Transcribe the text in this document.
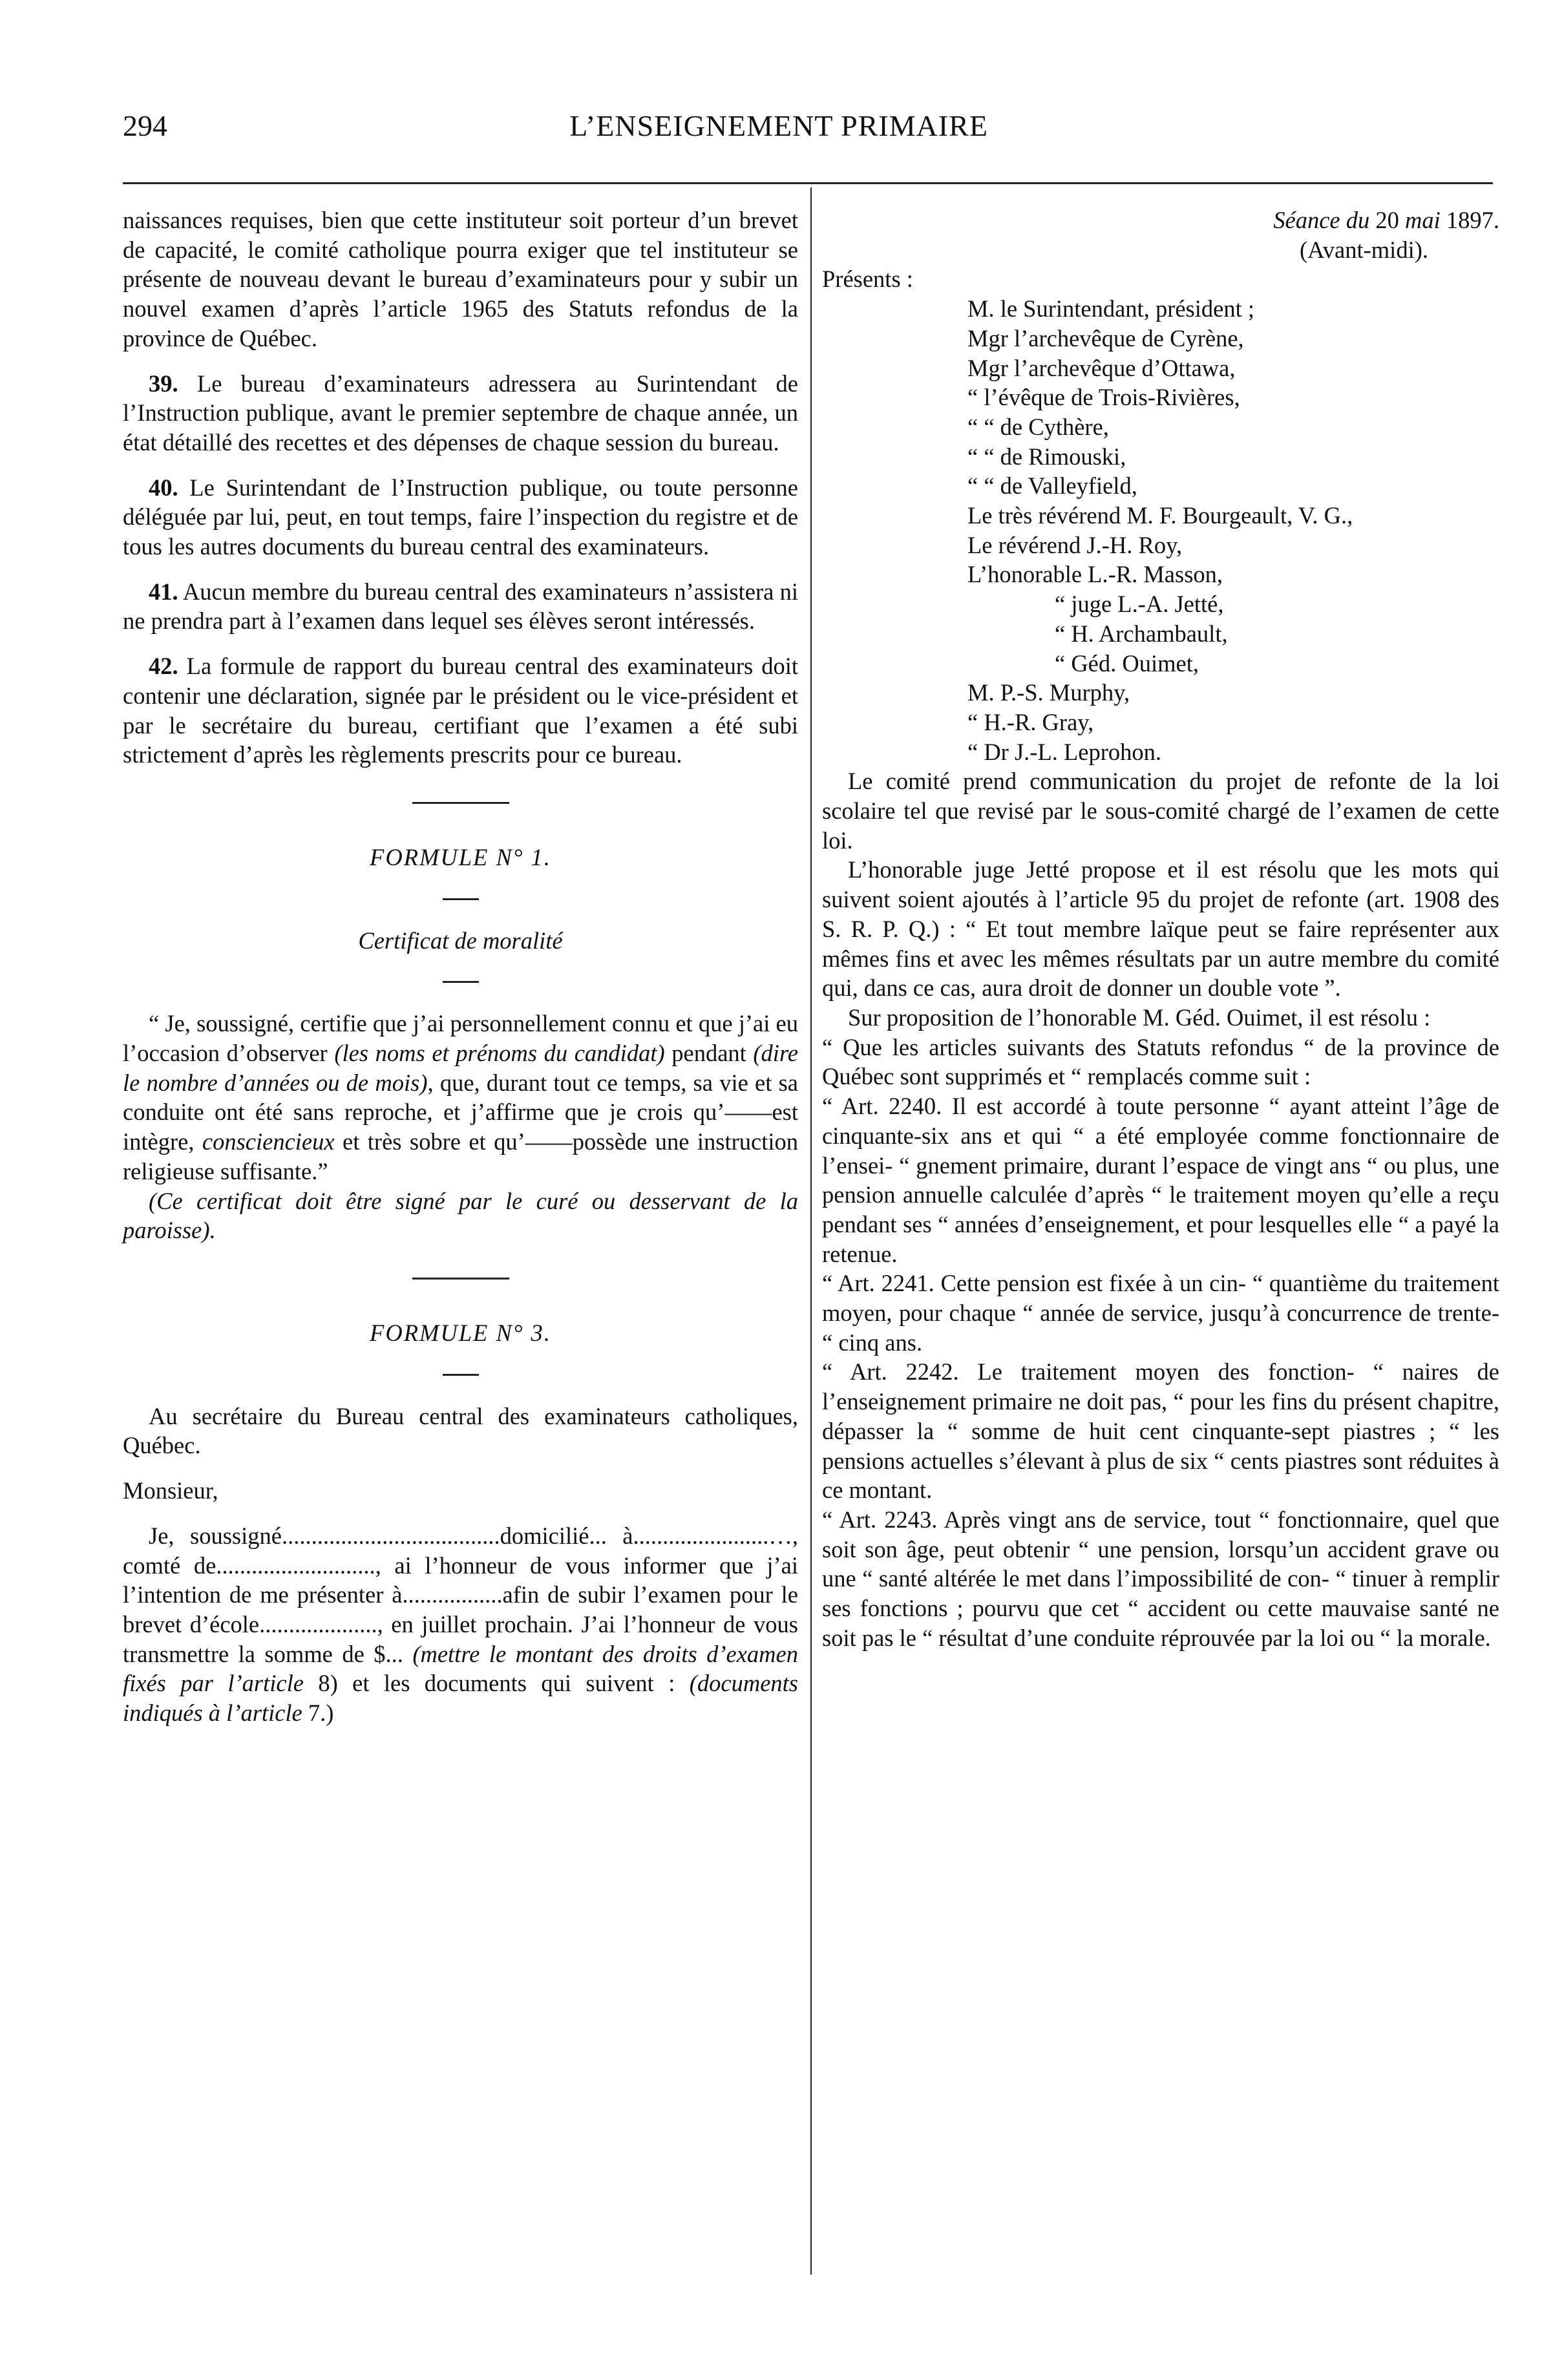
294	L’ENSEIGNEMENT PRIMAIRE

naissances requises, bien que cette instituteur soit porteur d’un brevet de capacité, le comité catholique pourra exiger que tel instituteur se présente de nouveau devant le bureau d’examinateurs pour y subir un nouvel examen d’après l’article 1965 des Statuts refondus de la province de Québec.

39. Le bureau d’examinateurs adressera au Surintendant de l’Instruction publique, avant le premier septembre de chaque année, un état détaillé des recettes et des dépenses de chaque session du bureau.

40. Le Surintendant de l’Instruction publique, ou toute personne déléguée par lui, peut, en tout temps, faire l’inspection du registre et de tous les autres documents du bureau central des examinateurs.

41. Aucun membre du bureau central des examinateurs n’assistera ni ne prendra part à l’examen dans lequel ses élèves seront intéressés.

42. La formule de rapport du bureau central des examinateurs doit contenir une déclaration, signée par le président ou le vice-président et par le secrétaire du bureau, certifiant que l’examen a été subi strictement d’après les règlements prescrits pour ce bureau.

FORMULE N° 1.

Certificat de moralité

“ Je, soussigné, certifie que j’ai personnellement connu et que j’ai eu l’occasion d’observer (les noms et prénoms du candidat) pendant (dire le nombre d’années ou de mois), que, durant tout ce temps, sa vie et sa conduite ont été sans reproche, et j’affirme que je crois qu’——est intègre, consciencieux et très sobre et qu’——possède une instruction religieuse suffisante.”

(Ce certificat doit être signé par le curé ou desservant de la paroisse).

FORMULE N° 3.

Au secrétaire du Bureau central des examinateurs catholiques, Québec.

Monsieur,

Je, soussigné.....................................domicilié... à.......................…, comté de..........................., ai l’honneur de vous informer que j’ai l’intention de me présenter à.................afin de subir l’examen pour le brevet d’école...................., en juillet prochain. J’ai l’honneur de vous transmettre la somme de $... (mettre le montant des droits d’examen fixés par l’article 8) et les documents qui suivent : (documents indiqués à l’article 7.)

Séance du 20 mai 1897.

(Avant-midi).

Présents :

M. le Surintendant, président ;

Mgr l’archevêque de Cyrène,

Mgr l’archevêque d’Ottawa,

“ l’évêque de Trois-Rivières,

“ “ de Cythère,

“ “ de Rimouski,

“ “ de Valleyfield,

Le très révérend M. F. Bourgeault, V. G.,

Le révérend J.-H. Roy,

L’honorable L.-R. Masson,

“ juge L.-A. Jetté,

“ H. Archambault,

“ Géd. Ouimet,

M. P.-S. Murphy,

“ H.-R. Gray,

“ Dr J.-L. Leprohon.

Le comité prend communication du projet de refonte de la loi scolaire tel que revisé par le sous-comité chargé de l’examen de cette loi.

L’honorable juge Jetté propose et il est résolu que les mots qui suivent soient ajoutés à l’article 95 du projet de refonte (art. 1908 des S. R. P. Q.) : “ Et tout membre laïque peut se faire représenter aux mêmes fins et avec les mêmes résultats par un autre membre du comité qui, dans ce cas, aura droit de donner un double vote ”.

Sur proposition de l’honorable M. Géd. Ouimet, il est résolu :

“ Que les articles suivants des Statuts refondus “ de la province de Québec sont supprimés et “ remplacés comme suit :

“ Art. 2240. Il est accordé à toute personne “ ayant atteint l’âge de cinquante-six ans et qui “ a été employée comme fonctionnaire de l’ensei- “ gnement primaire, durant l’espace de vingt ans “ ou plus, une pension annuelle calculée d’après “ le traitement moyen qu’elle a reçu pendant ses “ années d’enseignement, et pour lesquelles elle “ a payé la retenue.

“ Art. 2241. Cette pension est fixée à un cin- “ quantième du traitement moyen, pour chaque “ année de service, jusqu’à concurrence de trente- “ cinq ans.

“ Art. 2242. Le traitement moyen des fonction- “ naires de l’enseignement primaire ne doit pas, “ pour les fins du présent chapitre, dépasser la “ somme de huit cent cinquante-sept piastres ; “ les pensions actuelles s’élevant à plus de six “ cents piastres sont réduites à ce montant.

“ Art. 2243. Après vingt ans de service, tout “ fonctionnaire, quel que soit son âge, peut obtenir “ une pension, lorsqu’un accident grave ou une “ santé altérée le met dans l’impossibilité de con- “ tinuer à remplir ses fonctions ; pourvu que cet “ accident ou cette mauvaise santé ne soit pas le “ résultat d’une conduite réprouvée par la loi ou “ la morale.
